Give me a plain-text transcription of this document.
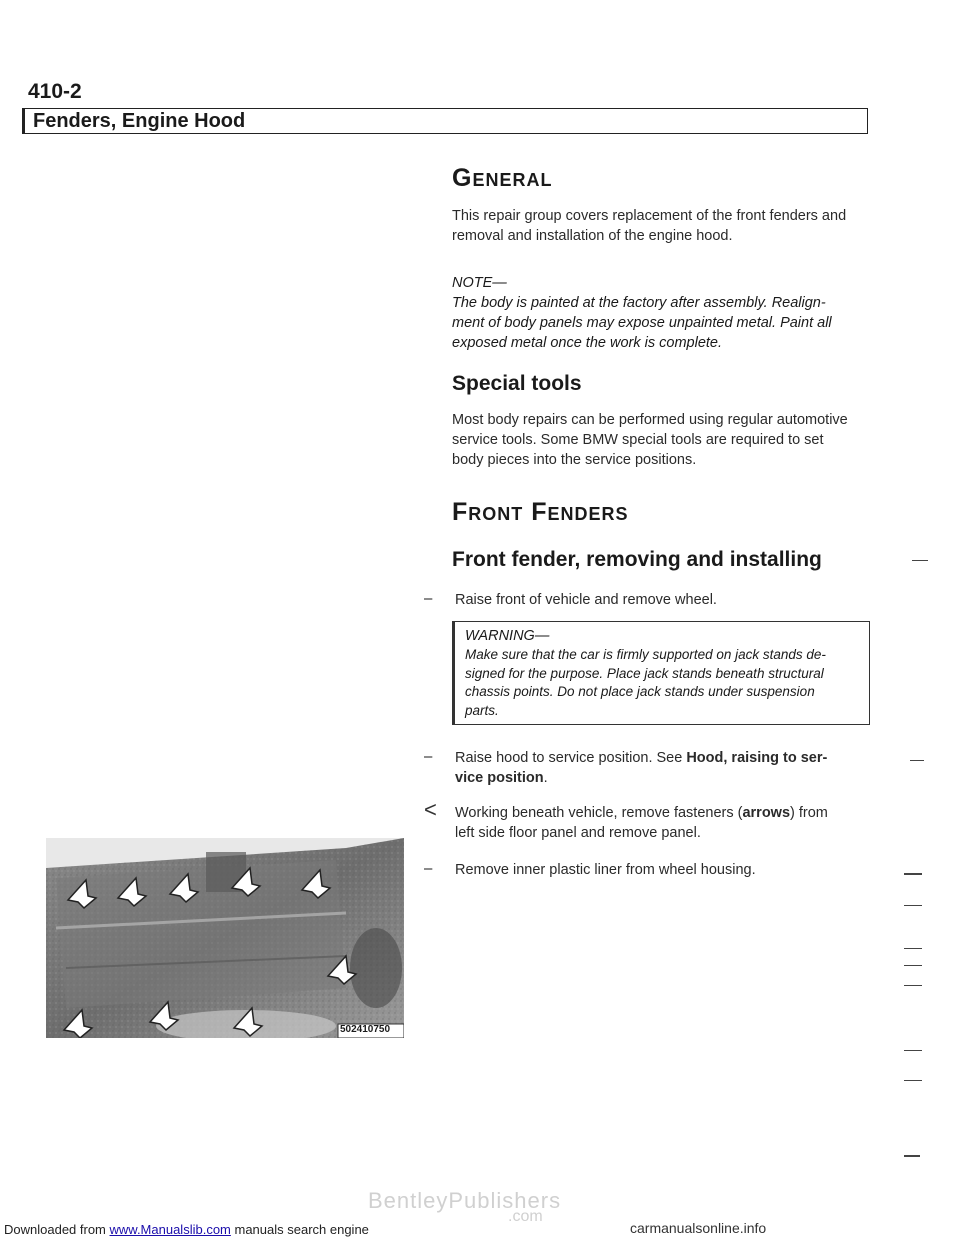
410-2
Fenders, Engine Hood
General
This repair group covers replacement of the front fenders and
removal and installation of the engine hood.
NOTE—
The body is painted at the factory after assembly. Realign-
ment of body panels may expose unpainted metal. Paint all
exposed metal once the work is complete.
Special tools
Most body repairs can be performed using regular automotive
service tools. Some BMW special tools are required to set
body pieces into the service positions.
Front Fenders
Front fender, removing and installing
– Raise front of vehicle and remove wheel.
WARNING—
Make sure that the car is firmly supported on jack stands de-
signed for the purpose. Place jack stands beneath structural
chassis points. Do not place jack stands under suspension
parts.
– Raise hood to service position. See Hood, raising to ser-
vice position.
< Working beneath vehicle, remove fasteners (arrows) from
left side floor panel and remove panel.
– Remove inner plastic liner from wheel housing.
502410750
Downloaded from www.Manualslib.com manuals search engine
BentleyPublishers
.com
carmanualsonline.info
